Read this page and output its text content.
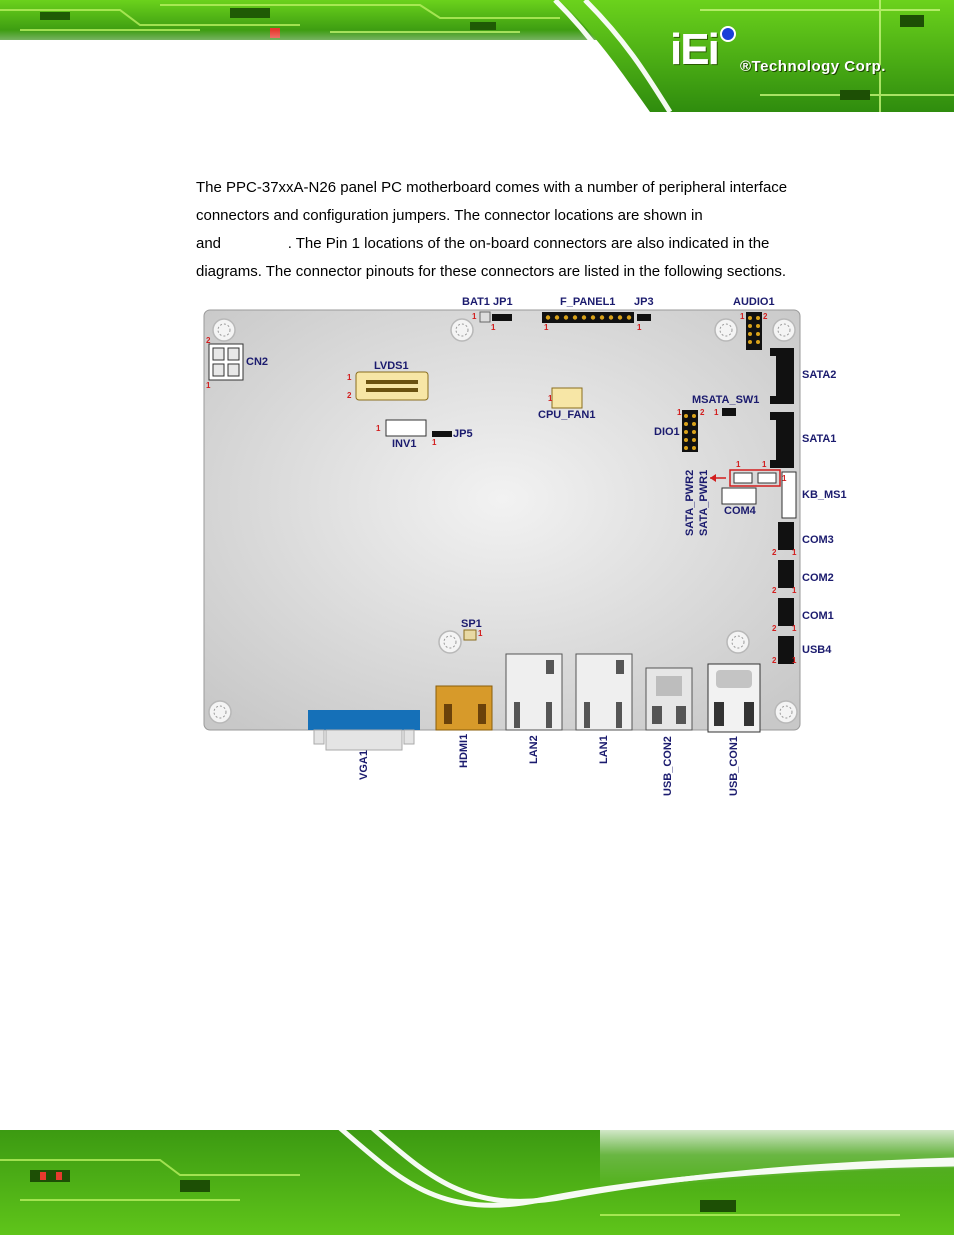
iEi ®Technology Corp.

The PPC-37xxA-N26 panel PC motherboard comes with a number of peripheral interface

connectors and configuration jumpers. The connector locations are shown in

and                . The Pin 1 locations of the on-board connectors are also indicated in the

diagrams. The connector pinouts for these connectors are listed in the following sections.

BAT1 JP1	F_PANEL1 JP3	AUDIO1
CN2	LVDS1
SATA2
MSATA_SW1
CPU_FAN1
DIO1
SATA1
INV1
JP5
KB_MS1
COM4
COM3
COM2
COM1
USB4
SP1
SATA_PWR2 SATA_PWR1
VGA1	HDMI1	LAN2	LAN1	USB_CON2	USB_CON1
1
1	1	1
1 2
2
1
1
2	1
1
1 2
1
1
1	1
1
2 1
2 1
2 1
2 1
1
